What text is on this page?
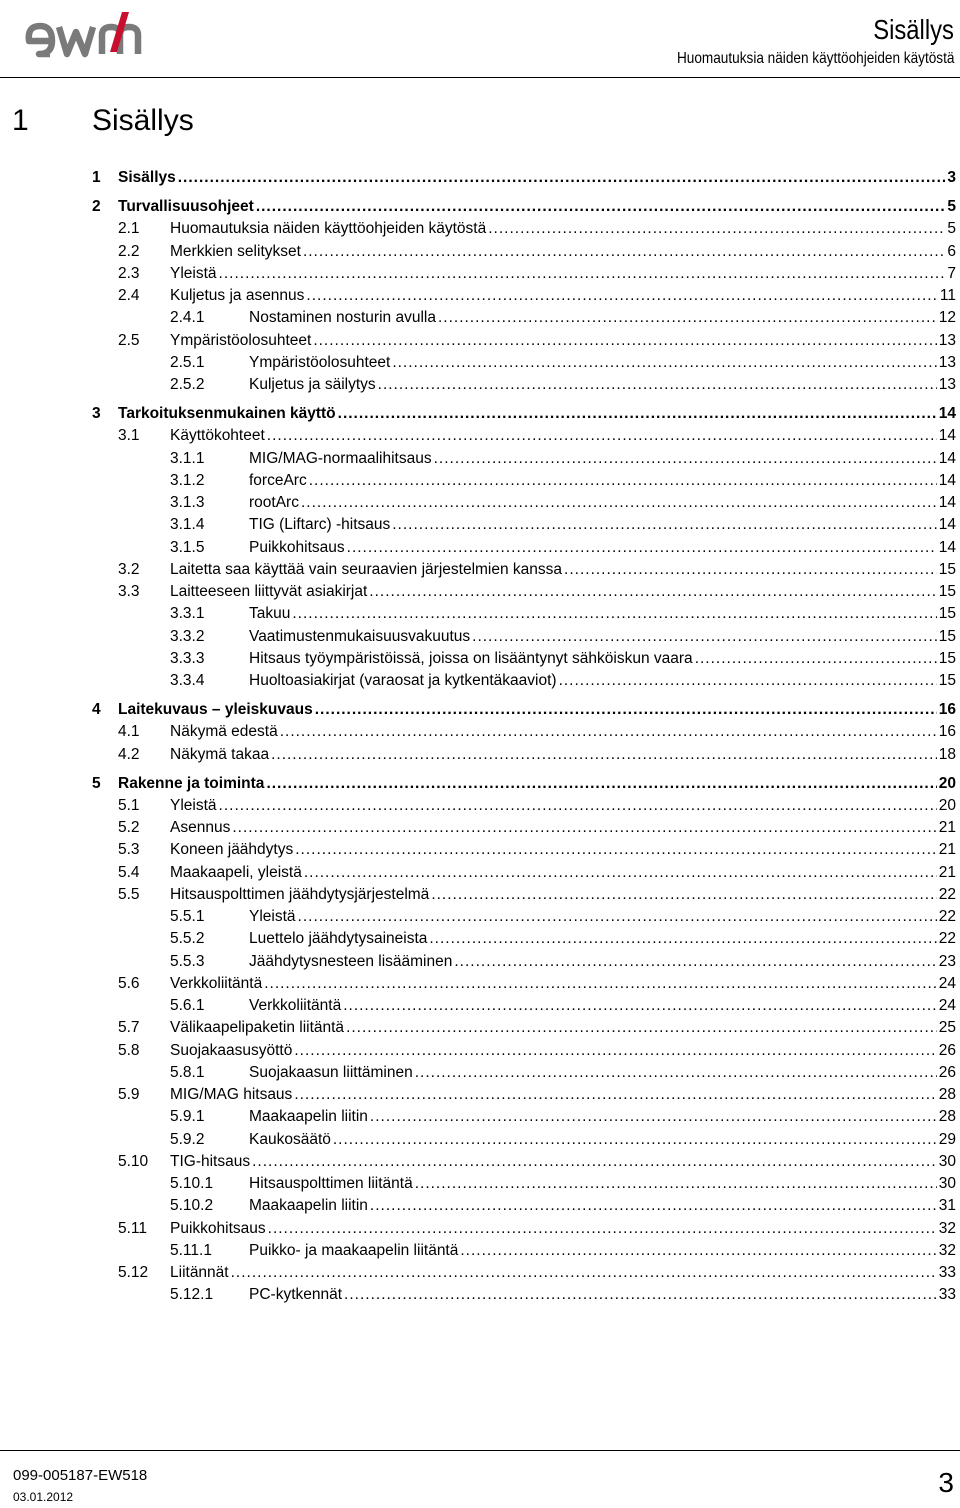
ewm
Sisällys
Huomautuksia näiden käyttöohjeiden käytöstä
1 Sisällys
1 Sisällys .....	3
2 Turvallisuusohjeet .....	5
2.1 Huomautuksia näiden käyttöohjeiden käytöstä .....	5
2.2 Merkkien selitykset .....	6
2.3 Yleistä .....	7
2.4 Kuljetus ja asennus .....	11
2.4.1	Nostaminen nosturin avulla .....	12
2.5 Ympäristöolosuhteet .....	13
2.5.1	Ympäristöolosuhteet .....	13
2.5.2	Kuljetus ja säilytys .....	13
3 Tarkoituksenmukainen käyttö .....	14
3.1 Käyttökohteet .....	14
3.1.1	MIG/MAG-normaalihitsaus .....	14
3.1.2	forceArc .....	14
3.1.3	rootArc .....	14
3.1.4	TIG (Liftarc) -hitsaus .....	14
3.1.5	Puikkohitsaus .....	14
3.2 Laitetta saa käyttää vain seuraavien järjestelmien kanssa .....	15
3.3 Laitteeseen liittyvät asiakirjat .....	15
3.3.1	Takuu .....	15
3.3.2	Vaatimustenmukaisuusvakuutus .....	15
3.3.3	Hitsaus työympäristöissä, joissa on lisääntynyt sähköiskun vaara .....	15
3.3.4	Huoltoasiakirjat (varaosat ja kytkentäkaaviot) .....	15
4 Laitekuvaus – yleiskuvaus .....	16
4.1 Näkymä edestä .....	16
4.2 Näkymä takaa .....	18
5 Rakenne ja toiminta .....	20
5.1 Yleistä .....	20
5.2 Asennus .....	21
5.3 Koneen jäähdytys .....	21
5.4 Maakaapeli, yleistä .....	21
5.5 Hitsauspolttimen jäähdytysjärjestelmä .....	22
5.5.1	Yleistä .....	22
5.5.2	Luettelo jäähdytysaineista .....	22
5.5.3	Jäähdytysnesteen lisääminen .....	23
5.6 Verkkoliitäntä .....	24
5.6.1	Verkkoliitäntä .....	24
5.7 Välikaapelipaketin liitäntä .....	25
5.8 Suojakaasusyöttö .....	26
5.8.1	Suojakaasun liittäminen .....	26
5.9 MIG/MAG hitsaus .....	28
5.9.1	Maakaapelin liitin .....	28
5.9.2	Kaukosäätö .....	29
5.10 TIG-hitsaus .....	30
5.10.1 Hitsauspolttimen liitäntä .....	30
5.10.2 Maakaapelin liitin .....	31
5.11 Puikkohitsaus .....	32
5.11.1 Puikko- ja maakaapelin liitäntä .....	32
5.12 Liitännät .....	33
5.12.1 PC-kytkennät .....	33
099-005187-EW518
03.01.2012	3
